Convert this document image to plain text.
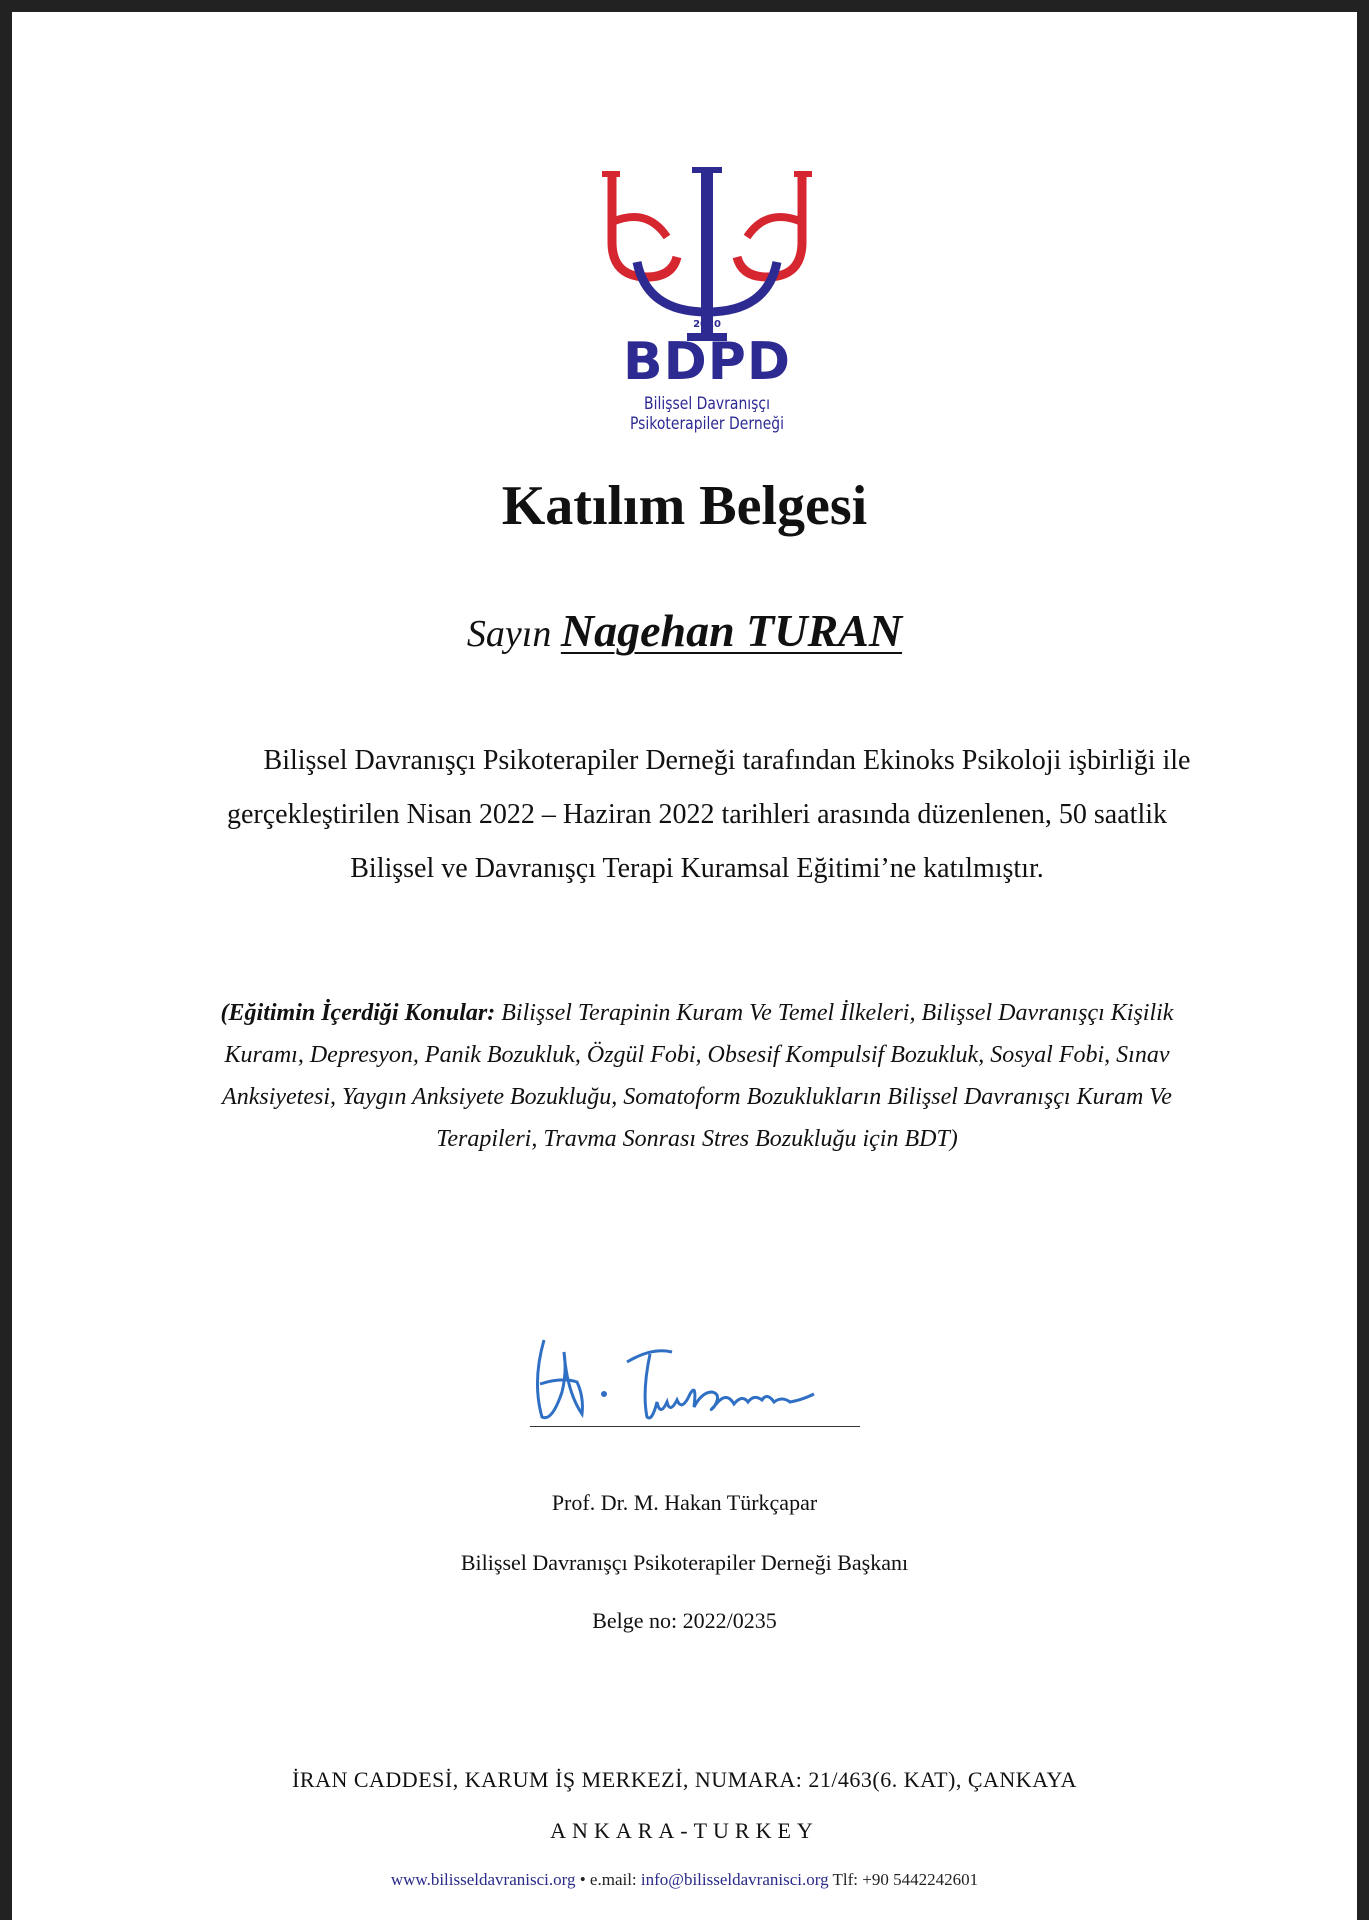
2010
BDPD
Bilişsel Davranışçı
Psikoterapiler Derneği
Katılım Belgesi
Sayın Nagehan TURAN
Bilişsel Davranışçı Psikoterapiler Derneği tarafından Ekinoks Psikoloji işbirliği ile gerçekleştirilen Nisan 2022 – Haziran 2022 tarihleri arasında düzenlenen, 50 saatlik Bilişsel ve Davranışçı Terapi Kuramsal Eğitimi’ne katılmıştır.
(Eğitimin İçerdiği Konular: Bilişsel Terapinin Kuram Ve Temel İlkeleri, Bilişsel Davranışçı Kişilik Kuramı, Depresyon, Panik Bozukluk, Özgül Fobi, Obsesif Kompulsif Bozukluk, Sosyal Fobi, Sınav Anksiyetesi, Yaygın Anksiyete Bozukluğu, Somatoform Bozuklukların Bilişsel Davranışçı Kuram Ve Terapileri, Travma Sonrası Stres Bozukluğu için BDT)
Prof. Dr. M. Hakan Türkçapar
Bilişsel Davranışçı Psikoterapiler Derneği Başkanı
Belge no: 2022/0235
İRAN CADDESİ, KARUM İŞ MERKEZİ, NUMARA: 21/463(6. KAT), ÇANKAYA
ANKARA-TURKEY
www.bilisseldavranisci.org • e.mail: info@bilisseldavranisci.org Tlf: +90 5442242601
